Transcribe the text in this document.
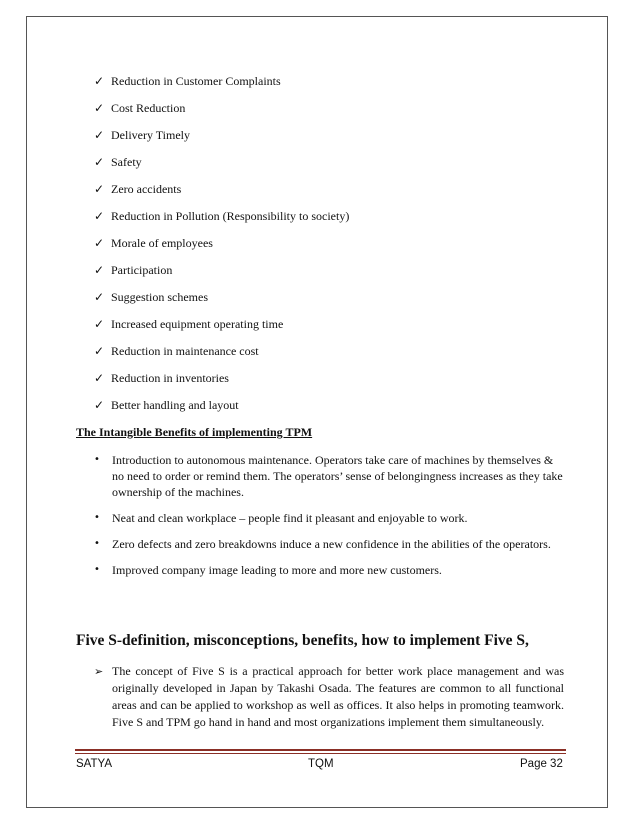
✓ Reduction in Customer Complaints
✓ Cost Reduction
✓ Delivery Timely
✓ Safety
✓ Zero accidents
✓ Reduction in Pollution (Responsibility to society)
✓ Morale of employees
✓ Participation
✓ Suggestion schemes
✓ Increased equipment operating time
✓ Reduction in maintenance cost
✓ Reduction in inventories
✓ Better handling and layout
The Intangible Benefits of implementing TPM
• Introduction to autonomous maintenance. Operators take care of machines by themselves & no need to order or remind them. The operators’ sense of belongingness increases as they take ownership of the machines.
• Neat and clean workplace – people find it pleasant and enjoyable to work.
• Zero defects and zero breakdowns induce a new confidence in the abilities of the operators.
• Improved company image leading to more and more new customers.
Five S-definition, misconceptions, benefits, how to implement Five S,
➢ The concept of Five S is a practical approach for better work place management and was originally developed in Japan by Takashi Osada. The features are common to all functional areas and can be applied to workshop as well as offices. It also helps in promoting teamwork. Five S and TPM go hand in hand and most organizations implement them simultaneously.
SATYA	TQM	Page 32
